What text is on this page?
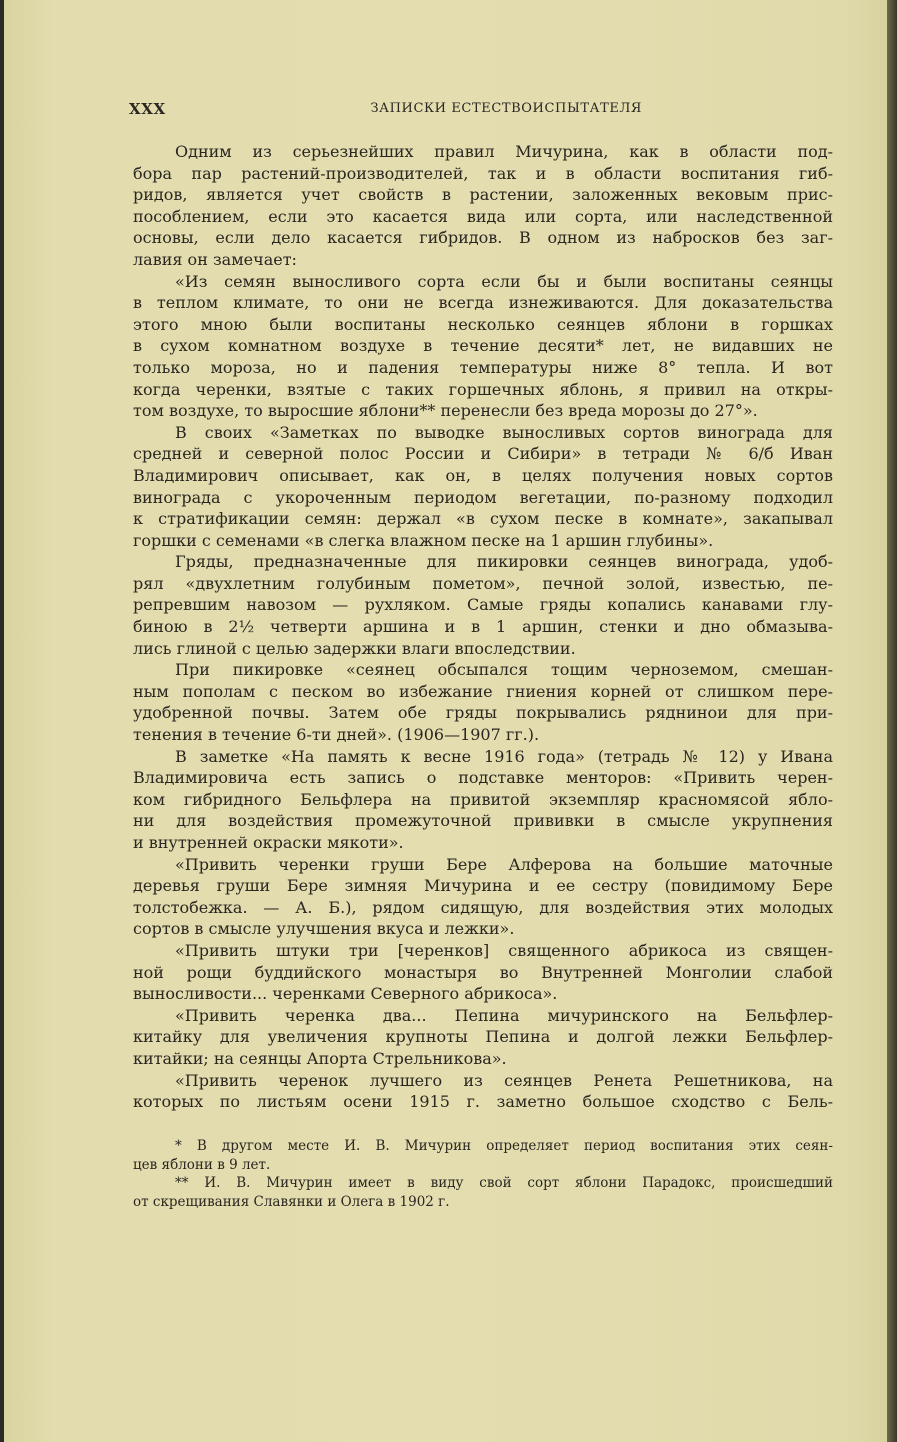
XXX	ЗАПИСКИ ЕСТЕСТВОИСПЫТАТЕЛЯ
Одним из серьезнейших правил Мичурина, как в области под-
бора пар растений-производителей, так и в области воспитания гиб-
ридов, является учет свойств в растении, заложенных вековым прис-
пособлением, если это касается вида или сорта, или наследственной
основы, если дело касается гибридов. В одном из набросков без заг-
лавия он замечает:
«Из семян выносливого сорта если бы и были воспитаны сеянцы
в теплом климате, то они не всегда изнеживаются. Для доказательства
этого мною были воспитаны несколько сеянцев яблони в горшках
в сухом комнатном воздухе в течение десяти* лет, не видавших не
только мороза, но и падения температуры ниже 8° тепла. И вот
когда черенки, взятые с таких горшечных яблонь, я привил на откры-
том воздухе, то выросшие яблони** перенесли без вреда морозы до 27°».
В своих «Заметках по выводке выносливых сортов винограда для
средней и северной полос России и Сибири» в тетради № 6/б Иван
Владимирович описывает, как он, в целях получения новых сортов
винограда с укороченным периодом вегетации, по-разному подходил
к стратификации семян: держал «в сухом песке в комнате», закапывал
горшки с семенами «в слегка влажном песке на 1 аршин глубины».
Гряды, предназначенные для пикировки сеянцев винограда, удоб-
рял «двухлетним голубиным пометом», печной золой, известью, пе-
репревшим навозом — рухляком. Самые гряды копались канавами глу-
биною в 2½ четверти аршина и в 1 аршин, стенки и дно обмазыва-
лись глиной с целью задержки влаги впоследствии.
При пикировке «сеянец обсыпался тощим черноземом, смешан-
ным пополам с песком во избежание гниения корней от слишком пере-
удобренной почвы. Затем обе гряды покрывались ряднинои для при-
тенения в течение 6-ти дней». (1906—1907 гг.).
В заметке «На память к весне 1916 года» (тетрадь № 12) у Ивана
Владимировича есть запись о подставке менторов: «Привить черен-
ком гибридного Бельфлера на привитой экземпляр красномясой яблo-
ни для воздействия промежуточной прививки в смысле укрупнения
и внутренней окраски мякоти».
«Привить черенки груши Бере Алферова на большие маточные
деревья груши Бере зимняя Мичурина и ее сестру (повидимому Бере
толстобежка. — А. Б.), рядом сидящую, для воздействия этих молодых
сортов в смысле улучшения вкуса и лежки».
«Привить штуки три [черенков] священного абрикоса из священ-
ной рощи буддийского монастыря во Внутренней Монголии слабой
выносливости... черенками Северного абрикоса».
«Привить черенка два... Пепина мичуринского на Бельфлер-
китайку для увеличения крупноты Пепина и долгой лежки Бельфлер-
китайки; на сеянцы Апорта Стрельникова».
«Привить черенок лучшего из сеянцев Ренета Решетникова, на
которых по листьям осени 1915 г. заметно большое сходство с Бель-
* В другом месте И. В. Мичурин определяет период воспитания этих сеян-
цев яблони в 9 лет.
** И. В. Мичурин имеет в виду свой сорт яблони Парадокс, происшедший
от скрещивания Славянки и Олега в 1902 г.
